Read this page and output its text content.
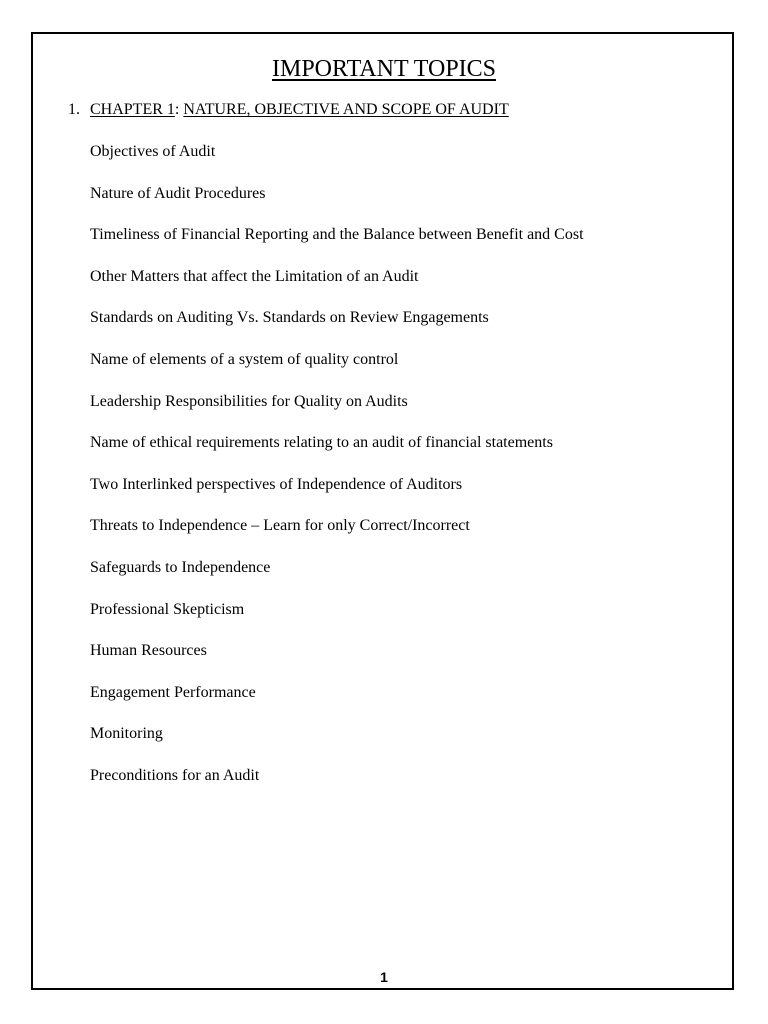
IMPORTANT TOPICS
1. CHAPTER 1: NATURE, OBJECTIVE AND SCOPE OF AUDIT
Objectives of Audit
Nature of Audit Procedures
Timeliness of Financial Reporting and the Balance between Benefit and Cost
Other Matters that affect the Limitation of an Audit
Standards on Auditing Vs. Standards on Review Engagements
Name of elements of a system of quality control
Leadership Responsibilities for Quality on Audits
Name of ethical requirements relating to an audit of financial statements
Two Interlinked perspectives of Independence of Auditors
Threats to Independence – Learn for only Correct/Incorrect
Safeguards to Independence
Professional Skepticism
Human Resources
Engagement Performance
Monitoring
Preconditions for an Audit
1
